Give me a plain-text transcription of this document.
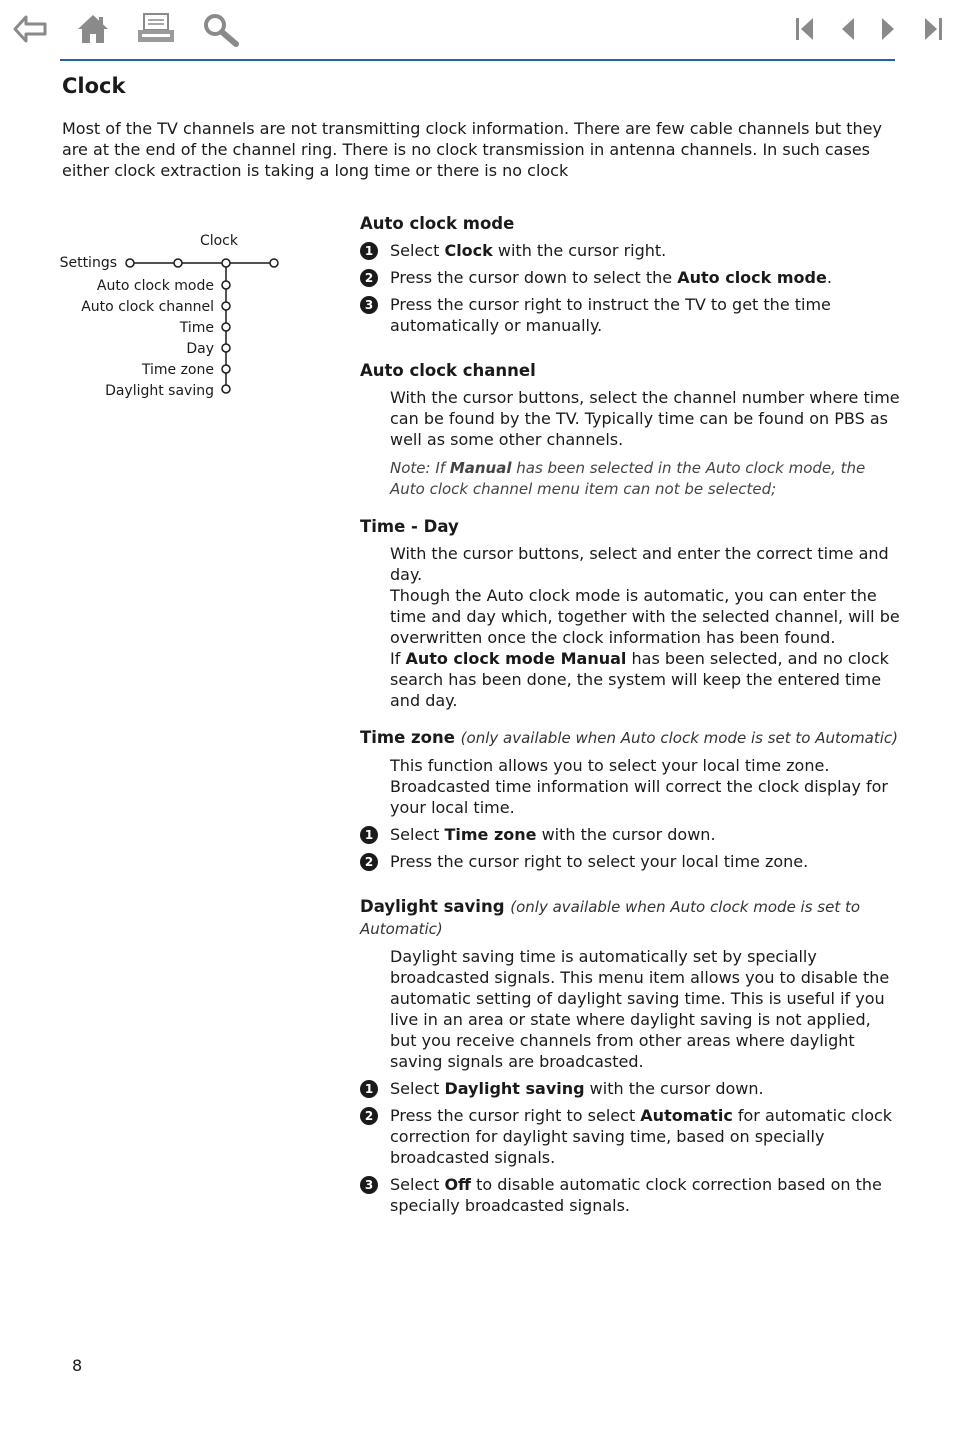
Clock

Most of the TV channels are not transmitting clock information. There are few cable channels but they are at the end of the channel ring. There is no clock transmission in antenna channels. In such cases either clock extraction is taking a long time or there is no clock

Clock
Settings
Auto clock mode
Auto clock channel
Time
Day
Time zone
Daylight saving
Auto clock mode
1	Select Clock with the cursor right.

2	Press the cursor down to select the Auto clock mode.

3	Press the cursor right to instruct the TV to get the time automatically or manually.

Auto clock channel

With the cursor buttons, select the channel number where time can be found by the TV. Typically time can be found on PBS as well as some other channels.

Note: If Manual has been selected in the Auto clock mode, the Auto clock channel menu item can not be selected;

Time - Day

With the cursor buttons, select and enter the correct time and day.

Though the Auto clock mode is automatic, you can enter the time and day which, together with the selected channel, will be overwritten once the clock information has been found.

If Auto clock mode Manual has been selected, and no clock search has been done, the system will keep the entered time and day.

Time zone (only available when Auto clock mode is set to Automatic)

This function allows you to select your local time zone. Broadcasted time information will correct the clock display for your local time.

1	Select Time zone with the cursor down.

2	Press the cursor right to select your local time zone.

Daylight saving (only available when Auto clock mode is set to Automatic)

Daylight saving time is automatically set by specially broadcasted signals. This menu item allows you to disable the automatic setting of daylight saving time. This is useful if you live in an area or state where daylight saving is not applied, but you receive channels from other areas where daylight saving signals are broadcasted.

1	Select Daylight saving with the cursor down.

2	Press the cursor right to select Automatic for automatic clock correction for daylight saving time, based on specially broadcasted signals.

3	Select Off to disable automatic clock correction based on the specially broadcasted signals.

8
